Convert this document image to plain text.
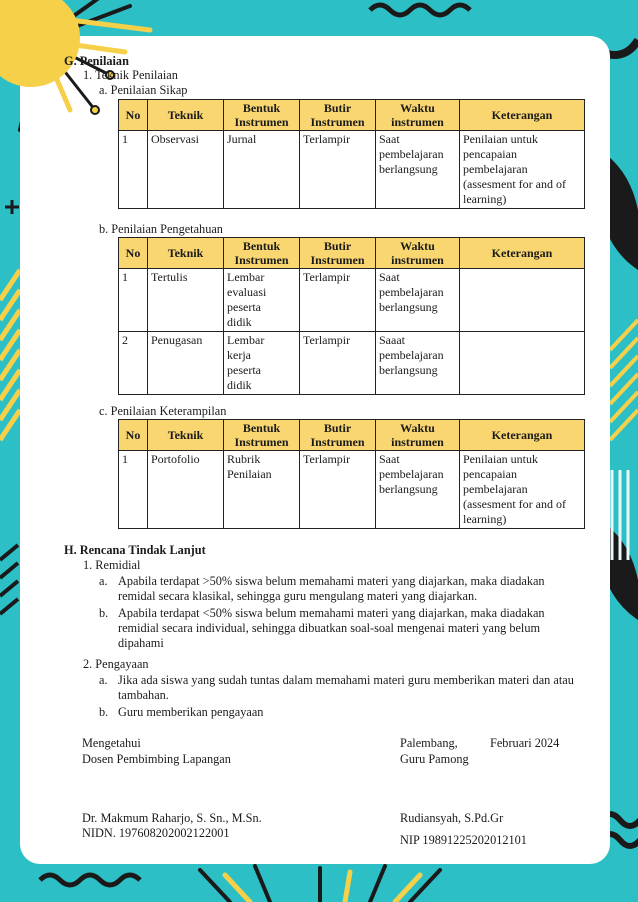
G. Penilaian
1. Teknik Penilaian
a. Penilaian Sikap
No	Teknik	Bentuk Instrumen	Butir Instrumen	Waktu instrumen	Keterangan
1	Observasi	Jurnal	Terlampir	Saat pembelajaran berlangsung	Penilaian untuk pencapaian pembelajaran (assesment for and of learning)
b. Penilaian Pengetahuan
No	Teknik	Bentuk Instrumen	Butir Instrumen	Waktu instrumen	Keterangan
1	Tertulis	Lembar evaluasi peserta didik	Terlampir	Saat pembelajaran berlangsung	
2	Penugasan	Lembar kerja peserta didik	Terlampir	Saaat pembelajaran berlangsung	
c. Penilaian Keterampilan
No	Teknik	Bentuk Instrumen	Butir Instrumen	Waktu instrumen	Keterangan
1	Portofolio	Rubrik Penilaian	Terlampir	Saat pembelajaran berlangsung	Penilaian untuk pencapaian pembelajaran (assesment for and of learning)
H. Rencana Tindak Lanjut
1. Remidial
a. Apabila terdapat >50% siswa belum memahami materi yang diajarkan, maka diadakan remidal secara klasikal, sehingga guru mengulang materi yang diajarkan.
b. Apabila terdapat <50% siswa belum memahami materi yang diajarkan, maka diadakan remidial secara individual, sehingga dibuatkan soal-soal mengenai materi yang belum dipahami
2. Pengayaan
a. Jika ada siswa yang sudah tuntas dalam memahami materi guru memberikan materi dan atau tambahan.
b. Guru memberikan pengayaan
Mengetahui
Dosen Pembimbing Lapangan
Dr. Makmum Raharjo, S. Sn., M.Sn.
NIDN. 197608202002122001
Palembang,	Februari 2024
Guru Pamong
Rudiansyah, S.Pd.Gr
NIP 19891225202012101
